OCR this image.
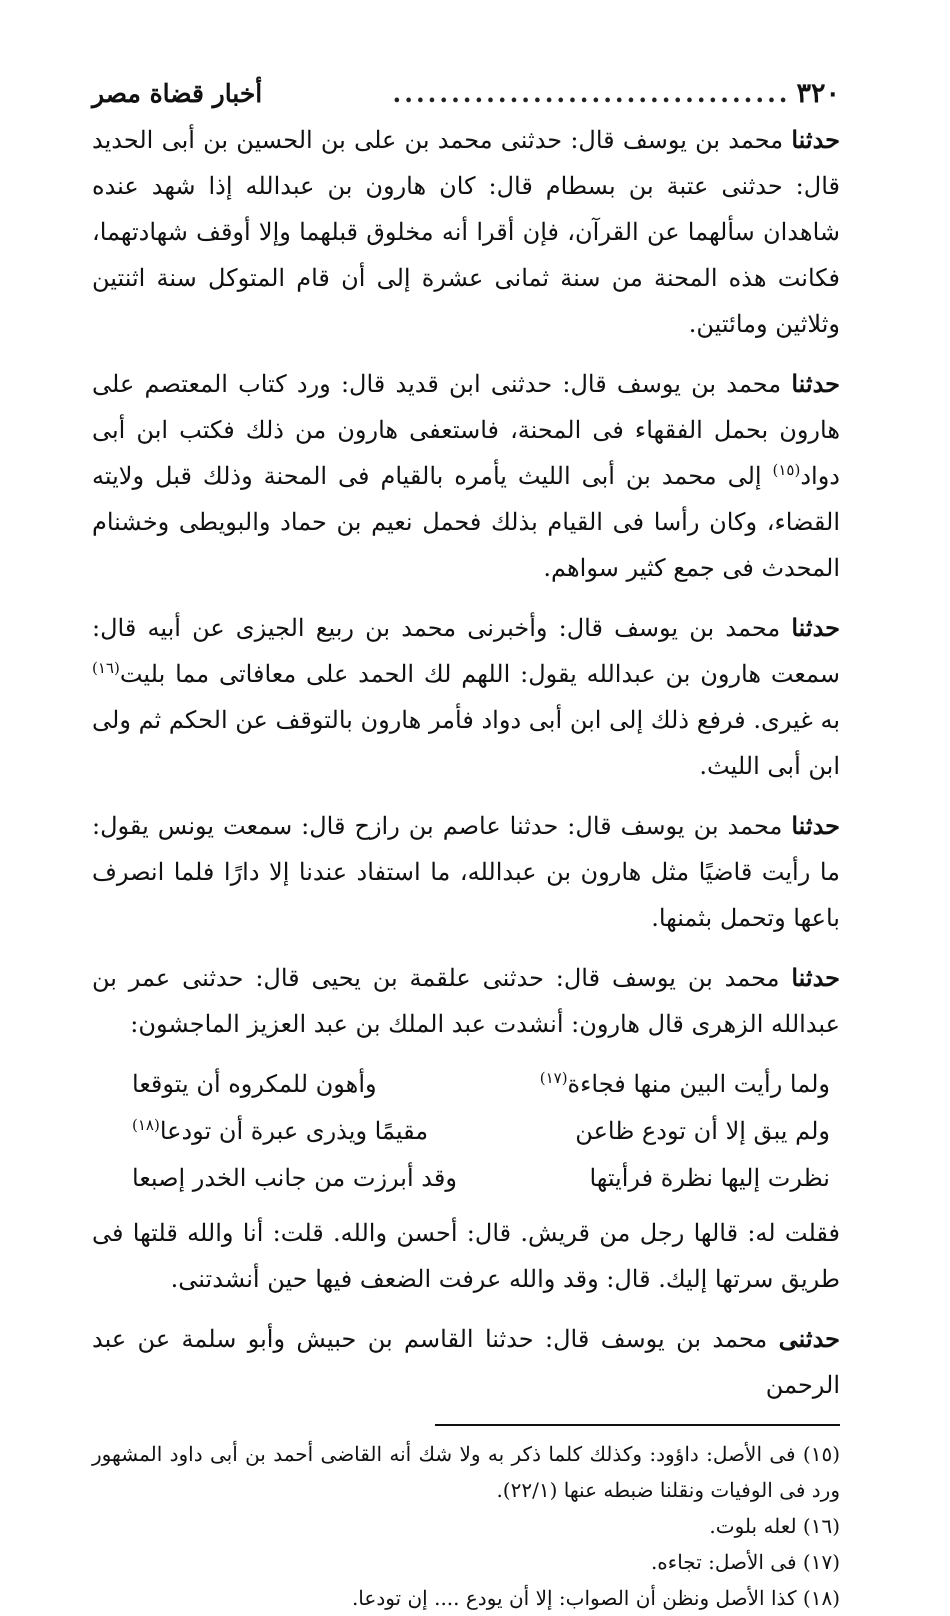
٣٢٠
..................................
أخبار قضاة مصر

حدثنا محمد بن يوسف قال: حدثنى محمد بن على بن الحسين بن أبى الحديد قال: حدثنى عتبة بن بسطام قال: كان هارون بن عبدالله إذا شهد عنده شاهدان سألهما عن القرآن، فإن أقرا أنه مخلوق قبلهما وإلا أوقف شهادتهما، فكانت هذه المحنة من سنة ثمانى عشرة إلى أن قام المتوكل سنة اثنتين وثلاثين ومائتين.

حدثنا محمد بن يوسف قال: حدثنى ابن قديد قال: ورد كتاب المعتصم على هارون بحمل الفقهاء فى المحنة، فاستعفى هارون من ذلك فكتب ابن أبى دواد$^{(١٥)}$ إلى محمد بن أبى الليث يأمره بالقيام فى المحنة وذلك قبل ولايته القضاء، وكان رأسا فى القيام بذلك فحمل نعيم بن حماد والبويطى وخشنام المحدث فى جمع كثير سواهم.

حدثنا محمد بن يوسف قال: وأخبرنى محمد بن ربيع الجيزى عن أبيه قال: سمعت هارون بن عبدالله يقول: اللهم لك الحمد على معافاتى مما بليت$^{(١٦)}$ به غيرى. فرفع ذلك إلى ابن أبى دواد فأمر هارون بالتوقف عن الحكم ثم ولى ابن أبى الليث.

حدثنا محمد بن يوسف قال: حدثنا عاصم بن رازح قال: سمعت يونس يقول: ما رأيت قاضيًا مثل هارون بن عبدالله، ما استفاد عندنا إلا دارًا فلما انصرف باعها وتحمل بثمنها.

حدثنا محمد بن يوسف قال: حدثنى علقمة بن يحيى قال: حدثنى عمر بن عبدالله الزهرى قال هارون: أنشدت عبد الملك بن عبد العزيز الماجشون:

ولما رأيت البين منها فجاءة$^{(١٧)}$
وأهون للمكروه أن يتوقعا
ولم يبق إلا أن تودع ظاعن
مقيمًا ويذرى عبرة أن تودعا$^{(١٨)}$
نظرت إليها نظرة فرأيتها
وقد أبرزت من جانب الخدر إصبعا

فقلت له: قالها رجل من قريش. قال: أحسن والله. قلت: أنا والله قلتها فى طريق سرتها إليك. قال: وقد والله عرفت الضعف فيها حين أنشدتنى.

حدثنى محمد بن يوسف قال: حدثنا القاسم بن حبيش وأبو سلمة عن عبد الرحمن

(١٥) فى الأصل: داؤود: وكذلك كلما ذكر به ولا شك أنه القاضى أحمد بن أبى داود المشهور ورد فى الوفيات ونقلنا ضبطه عنها (٢٢/١).
(١٦) لعله بلوت.
(١٧) فى الأصل: تجاءه.
(١٨) كذا الأصل ونظن أن الصواب: إلا أن يودع .... إن تودعا.
